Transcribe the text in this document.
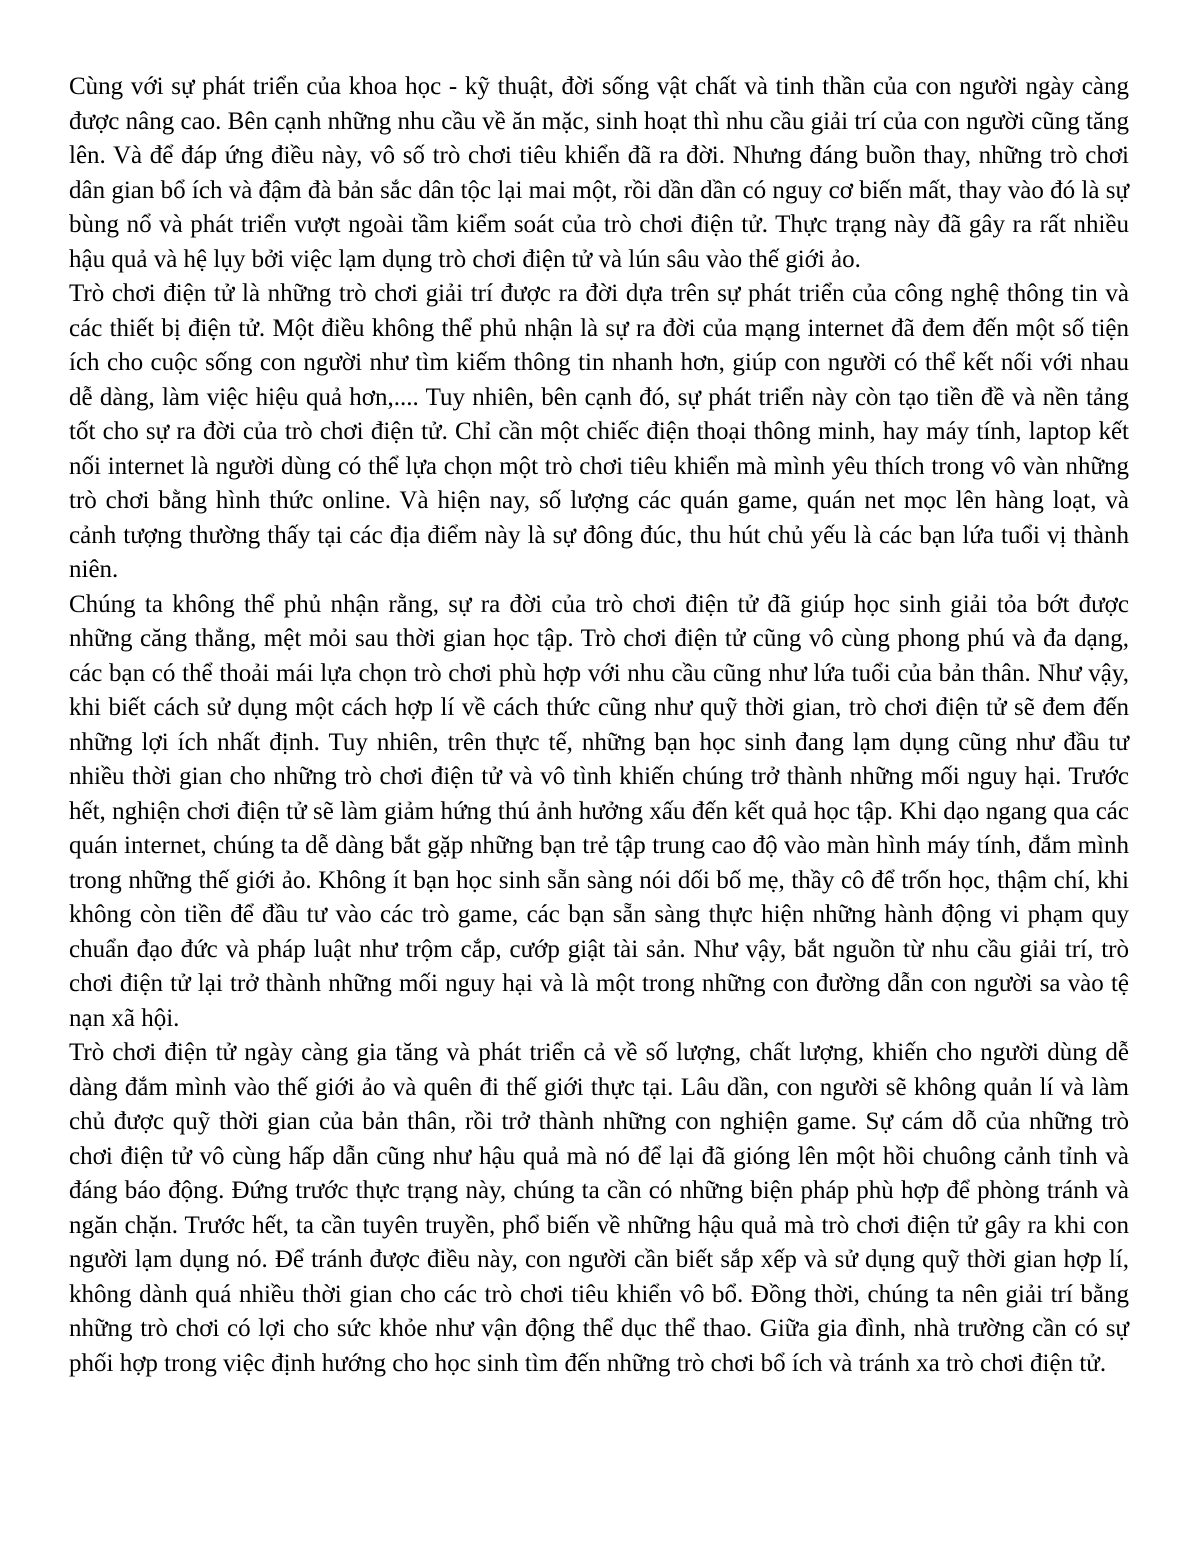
Cùng với sự phát triển của khoa học - kỹ thuật, đời sống vật chất và tinh thần của con người ngày càng được nâng cao. Bên cạnh những nhu cầu về ăn mặc, sinh hoạt thì nhu cầu giải trí của con người cũng tăng lên. Và để đáp ứng điều này, vô số trò chơi tiêu khiển đã ra đời. Nhưng đáng buồn thay, những trò chơi dân gian bổ ích và đậm đà bản sắc dân tộc lại mai một, rồi dần dần có nguy cơ biến mất, thay vào đó là sự bùng nổ và phát triển vượt ngoài tầm kiểm soát của trò chơi điện tử. Thực trạng này đã gây ra rất nhiều hậu quả và hệ lụy bởi việc lạm dụng trò chơi điện tử và lún sâu vào thế giới ảo.

Trò chơi điện tử là những trò chơi giải trí được ra đời dựa trên sự phát triển của công nghệ thông tin và các thiết bị điện tử. Một điều không thể phủ nhận là sự ra đời của mạng internet đã đem đến một số tiện ích cho cuộc sống con người như tìm kiếm thông tin nhanh hơn, giúp con người có thể kết nối với nhau dễ dàng, làm việc hiệu quả hơn,.... Tuy nhiên, bên cạnh đó, sự phát triển này còn tạo tiền đề và nền tảng tốt cho sự ra đời của trò chơi điện tử. Chỉ cần một chiếc điện thoại thông minh, hay máy tính, laptop kết nối internet là người dùng có thể lựa chọn một trò chơi tiêu khiển mà mình yêu thích trong vô vàn những trò chơi bằng hình thức online. Và hiện nay, số lượng các quán game, quán net mọc lên hàng loạt, và cảnh tượng thường thấy tại các địa điểm này là sự đông đúc, thu hút chủ yếu là các bạn lứa tuổi vị thành niên.

Chúng ta không thể phủ nhận rằng, sự ra đời của trò chơi điện tử đã giúp học sinh giải tỏa bớt được những căng thẳng, mệt mỏi sau thời gian học tập. Trò chơi điện tử cũng vô cùng phong phú và đa dạng, các bạn có thể thoải mái lựa chọn trò chơi phù hợp với nhu cầu cũng như lứa tuổi của bản thân. Như vậy, khi biết cách sử dụng một cách hợp lí về cách thức cũng như quỹ thời gian, trò chơi điện tử sẽ đem đến những lợi ích nhất định. Tuy nhiên, trên thực tế, những bạn học sinh đang lạm dụng cũng như đầu tư nhiều thời gian cho những trò chơi điện tử và vô tình khiến chúng trở thành những mối nguy hại. Trước hết, nghiện chơi điện tử sẽ làm giảm hứng thú ảnh hưởng xấu đến kết quả học tập. Khi dạo ngang qua các quán internet, chúng ta dễ dàng bắt gặp những bạn trẻ tập trung cao độ vào màn hình máy tính, đắm mình trong những thế giới ảo. Không ít bạn học sinh sẵn sàng nói dối bố mẹ, thầy cô để trốn học, thậm chí, khi không còn tiền để đầu tư vào các trò game, các bạn sẵn sàng thực hiện những hành động vi phạm quy chuẩn đạo đức và pháp luật như trộm cắp, cướp giật tài sản. Như vậy, bắt nguồn từ nhu cầu giải trí, trò chơi điện tử lại trở thành những mối nguy hại và là một trong những con đường dẫn con người sa vào tệ nạn xã hội.

Trò chơi điện tử ngày càng gia tăng và phát triển cả về số lượng, chất lượng, khiến cho người dùng dễ dàng đắm mình vào thế giới ảo và quên đi thế giới thực tại. Lâu dần, con người sẽ không quản lí và làm chủ được quỹ thời gian của bản thân, rồi trở thành những con nghiện game. Sự cám dỗ của những trò chơi điện tử vô cùng hấp dẫn cũng như hậu quả mà nó để lại đã gióng lên một hồi chuông cảnh tỉnh và đáng báo động. Đứng trước thực trạng này, chúng ta cần có những biện pháp phù hợp để phòng tránh và ngăn chặn. Trước hết, ta cần tuyên truyền, phổ biến về những hậu quả mà trò chơi điện tử gây ra khi con người lạm dụng nó. Để tránh được điều này, con người cần biết sắp xếp và sử dụng quỹ thời gian hợp lí, không dành quá nhiều thời gian cho các trò chơi tiêu khiển vô bổ. Đồng thời, chúng ta nên giải trí bằng những trò chơi có lợi cho sức khỏe như vận động thể dục thể thao. Giữa gia đình, nhà trường cần có sự phối hợp trong việc định hướng cho học sinh tìm đến những trò chơi bổ ích và tránh xa trò chơi điện tử.
